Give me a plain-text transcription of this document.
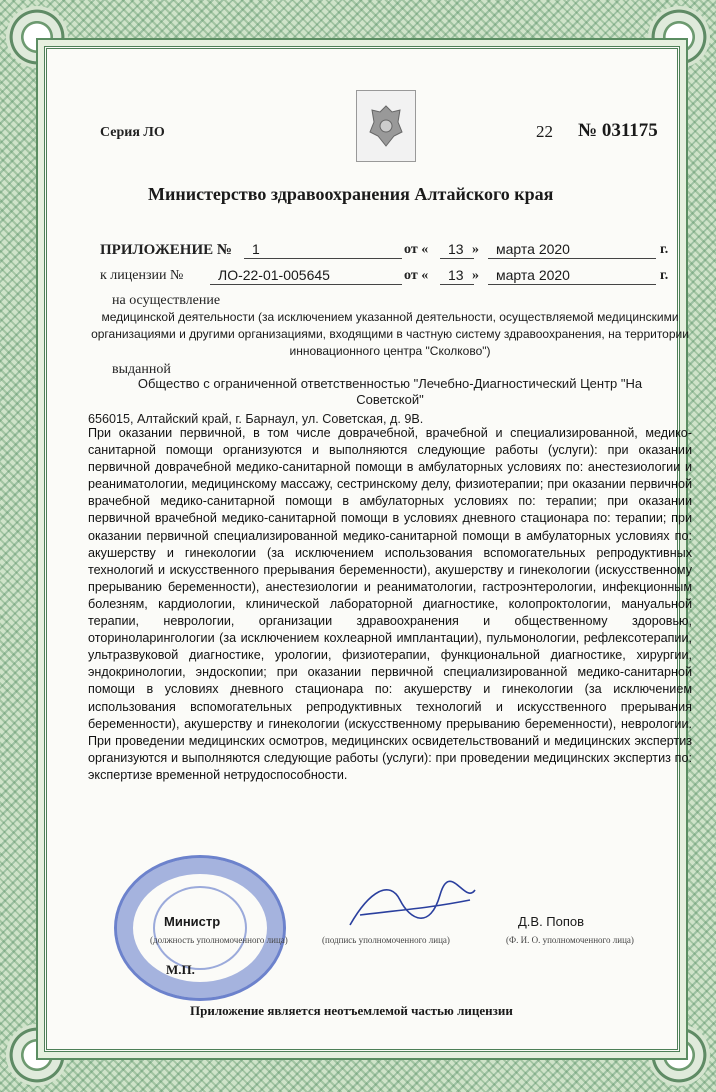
Серия ЛО	22 № 031175
Министерство здравоохранения Алтайского края
ПРИЛОЖЕНИЕ №	1	от «	13 »	марта 2020	г.
к лицензии №	ЛО-22-01-005645	от «	13 »	марта 2020	г.
на осуществление
медицинской деятельности (за исключением указанной деятельности, осуществляемой медицинскими организациями и другими организациями, входящими в частную систему здравоохранения, на территории инновационного центра "Сколково")
выданной
Общество с ограниченной ответственностью "Лечебно-Диагностический Центр "На Советской"
656015, Алтайский край, г. Барнаул, ул. Советская, д. 9В.
При оказании первичной, в том числе доврачебной, врачебной и специализированной, медико-санитарной помощи организуются и выполняются следующие работы (услуги): при оказании первичной доврачебной медико-санитарной помощи в амбулаторных условиях по: анестезиологии и реаниматологии, медицинскому массажу, сестринскому делу, физиотерапии; при оказании первичной врачебной медико-санитарной помощи в амбулаторных условиях по: терапии; при оказании первичной врачебной медико-санитарной помощи в условиях дневного стационара по: терапии; при оказании первичной специализированной медико-санитарной помощи в амбулаторных условиях по: акушерству и гинекологии (за исключением использования вспомогательных репродуктивных технологий и искусственного прерывания беременности), акушерству и гинекологии (искусственному прерыванию беременности), анестезиологии и реаниматологии, гастроэнтерологии, инфекционным болезням, кардиологии, клинической лабораторной диагностике, колопроктологии, мануальной терапии, неврологии, организации здравоохранения и общественному здоровью, оториноларингологии (за исключением кохлеарной имплантации), пульмонологии, рефлексотерапии, ультразвуковой диагностике, урологии, физиотерапии, функциональной диагностике, хирургии, эндокринологии, эндоскопии; при оказании первичной специализированной медико-санитарной помощи в условиях дневного стационара по: акушерству и гинекологии (за исключением использования вспомогательных репродуктивных технологий и искусственного прерывания беременности), акушерству и гинекологии (искусственному прерыванию беременности), неврологии. При проведении медицинских осмотров, медицинских освидетельствований и медицинских экспертиз организуются и выполняются следующие работы (услуги): при проведении медицинских экспертиз по: экспертизе временной нетрудоспособности.
Министр
(должность уполномоченного лица)	(подпись уполномоченного лица)
Д.В. Попов
(Ф. И. О. уполномоченного лица)
М.П.
Приложение является неотъемлемой частью лицензии
